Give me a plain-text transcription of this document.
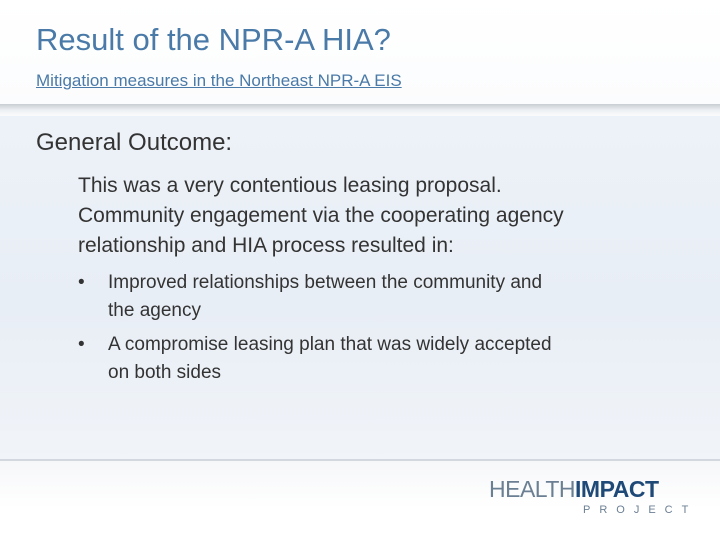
Result of the NPR-A HIA?
Mitigation measures in the Northeast NPR-A EIS
General Outcome:
This was a very contentious leasing proposal.
Community engagement via the cooperating agency
relationship and HIA process resulted in:
• Improved relationships between the community and
the agency
• A compromise leasing plan that was widely accepted
on both sides
HEALTHIMPACT
PROJECT
